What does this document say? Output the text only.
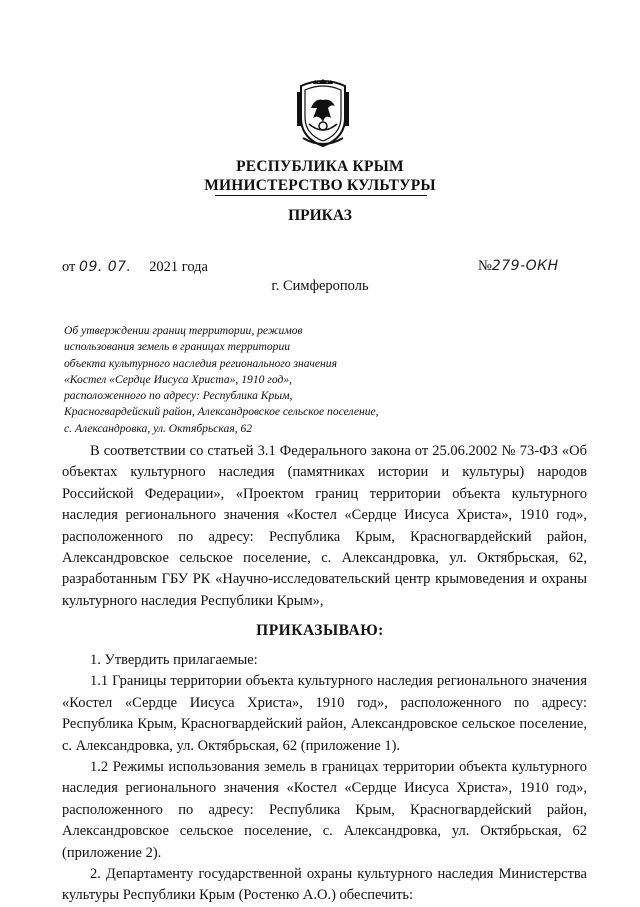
РЕСПУБЛИКА КРЫМ
МИНИСТЕРСТВО КУЛЬТУРЫ
ПРИКАЗ
от 09. 07. 2021 года	№279-ОКН
г. Симферополь
Об утверждении границ территории, режимов
использования земель в границах территории
объекта культурного наследия регионального значения
«Костел «Сердце Иисуса Христа», 1910 год»,
расположенного по адресу: Республика Крым,
Красногвардейский район, Александровское сельское поселение,
с. Александровка, ул. Октябрьская, 62

В соответствии со статьей 3.1 Федерального закона от 25.06.2002 № 73-ФЗ «Об объектах культурного наследия (памятниках истории и культуры) народов Российской Федерации», «Проектом границ территории объекта культурного наследия регионального значения «Костел «Сердце Иисуса Христа», 1910 год», расположенного по адресу: Республика Крым, Красногвардейский район, Александровское сельское поселение, с. Александровка, ул. Октябрьская, 62, разработанным ГБУ РК «Научно-исследовательский центр крымоведения и охраны культурного наследия Республики Крым»,

ПРИКАЗЫВАЮ:

1. Утвердить прилагаемые:

1.1 Границы территории объекта культурного наследия регионального значения «Костел «Сердце Иисуса Христа», 1910 год», расположенного по адресу: Республика Крым, Красногвардейский район, Александровское сельское поселение, с. Александровка, ул. Октябрьская, 62 (приложение 1).

1.2 Режимы использования земель в границах территории объекта культурного наследия регионального значения «Костел «Сердце Иисуса Христа», 1910 год», расположенного по адресу: Республика Крым, Красногвардейский район, Александровское сельское поселение, с. Александровка, ул. Октябрьская, 62 (приложение 2).

2. Департаменту государственной охраны культурного наследия Министерства культуры Республики Крым (Ростенко А.О.) обеспечить:
